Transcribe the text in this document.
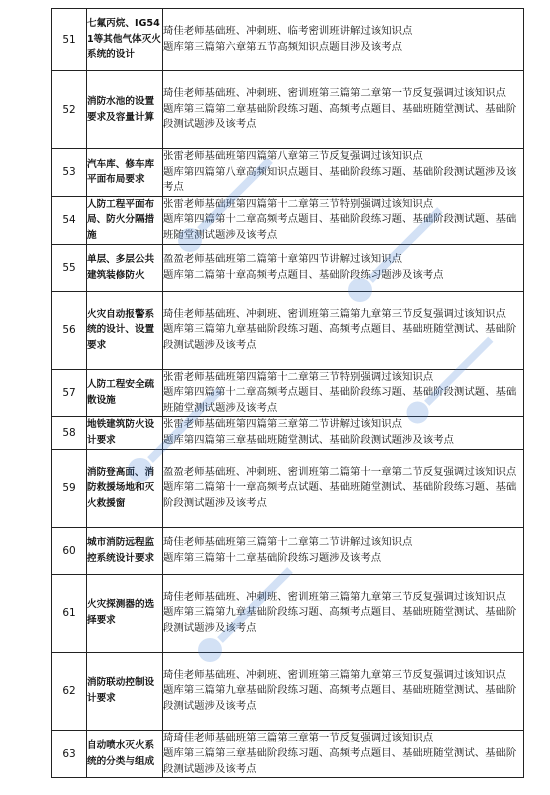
51	七氟丙烷、IG541等其他气体灭火系统的设计	琦佳老师基础班、冲刺班、临考密训班讲解过该知识点
题库第三篇第六章第五节高频知识点题目涉及该考点

52	消防水池的设置要求及容量计算	琦佳老师基础班、冲刺班、密训班第三篇第二章第一节反复强调过该知识点
题库第三篇第二章基础阶段练习题、高频考点题目、基础班随堂测试、基础阶段测试题涉及该考点

53	汽车库、修车库平面布局要求	张雷老师基础班第四篇第八章第三节反复强调过该知识点
题库第四篇第八章高频知识点题目、基础阶段练习题、基础阶段测试题涉及该考点

54	人防工程平面布局、防火分隔措施	张雷老师基础班第四篇第十二章第三节特别强调过该知识点
题库第四篇第十二章高频考点题目、基础阶段练习题、基础阶段测试题、基础班随堂测试题涉及该考点

55	单层、多层公共建筑装修防火	盈盈老师基础班第二篇第十章第四节讲解过该知识点
题库第二篇第十章高频考点题目、基础阶段练习题涉及该考点

56	火灾自动报警系统的设计、设置要求	琦佳老师基础班、冲刺班、密训班第三篇第九章第三节反复强调过该知识点
题库第三篇第九章基础阶段练习题、高频考点题目、基础班随堂测试、基础阶段测试题涉及该考点

57	人防工程安全疏散设施	张雷老师基础班第四篇第十二章第三节特别强调过该知识点
题库第四篇第十二章高频考点题目、基础阶段练习题、基础阶段测试题、基础班随堂测试题涉及该考点

58	地铁建筑防火设计要求	张雷老师基础班第四篇第三章第二节讲解过该知识点
题库第四篇第三章基础班随堂测试、基础阶段测试题涉及该考点

59	消防登高面、消防救援场地和灭火救援窗	盈盈老师基础班、冲刺班、密训班第二篇第十一章第二节反复强调过该知识点
题库第二篇第十一章高频考点试题、基础班随堂测试、基础阶段练习题、基础阶段测试题涉及该考点

60	城市消防远程监控系统设计要求	琦佳老师基础班第三篇第十二章第二节讲解过该知识点
题库第三篇第十二章基础阶段练习题涉及该考点

61	火灾探测器的选择要求	琦佳老师基础班、冲刺班、密训班第三篇第九章第三节反复强调过该知识点
题库第三篇第九章基础阶段练习题、高频考点题目、基础班随堂测试、基础阶段测试题涉及该考点

62	消防联动控制设计要求	琦佳老师基础班、冲刺班、密训班第三篇第九章第三节反复强调过该知识点
题库第三篇第九章基础阶段练习题、高频考点题目、基础班随堂测试、基础阶段测试题涉及该考点

63	自动喷水灭火系统的分类与组成	琦琦佳老师基础班第三篇第三章第一节反复强调过该知识点
题库第三篇第三章基础阶段练习题、高频考点题目、基础班随堂测试、基础阶段测试题涉及该考点
